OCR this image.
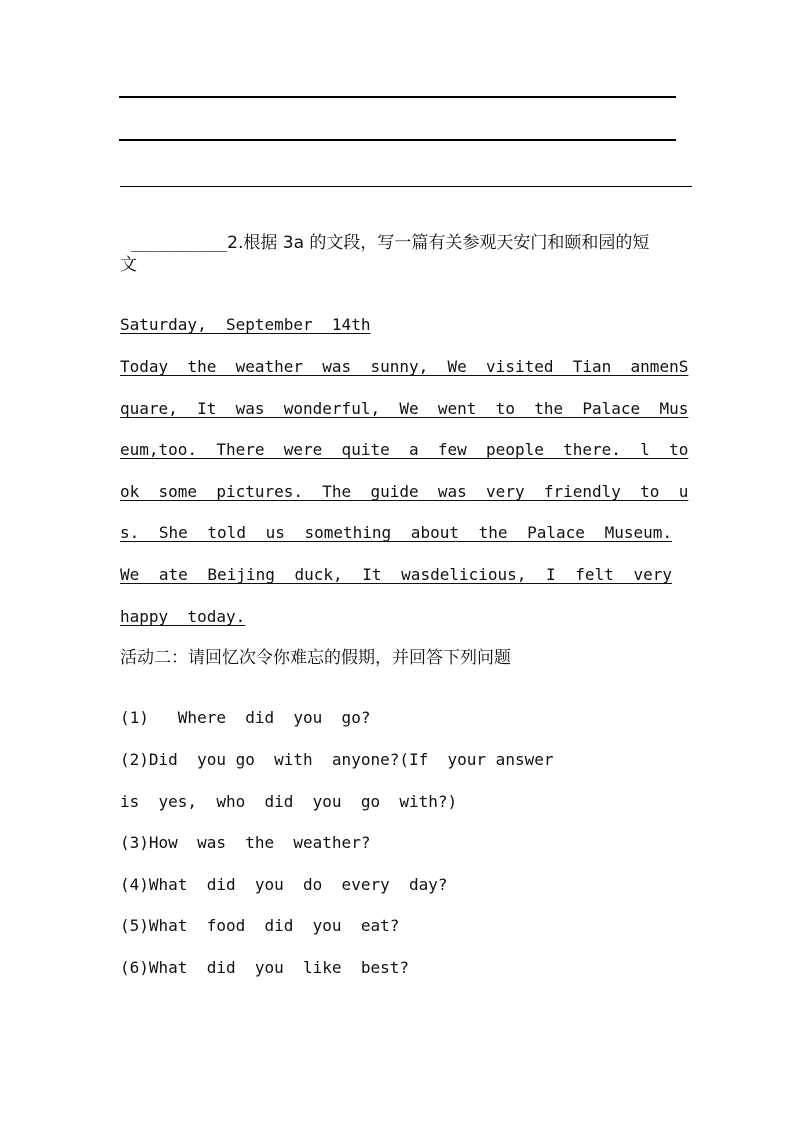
__________2.根据 3a 的文段，写一篇有关参观天安门和颐和园的短

文
Saturday,  September  14th
Today  the  weather  was  sunny,  We  visited  Tian  anmenS
quare,  It  was  wonderful,  We  went  to  the  Palace  Mus
eum,too.  There  were  quite  a  few  people  there.  l  to
ok  some  pictures.  The  guide  was  very  friendly  to  u
s.  She  told  us  something  about  the  Palace  Museum.
We  ate  Beijing  duck,  It  wasdelicious,  I  felt  very
happy  today.
活动二：请回忆次令你难忘的假期，并回答下列问题
(1)   Where  did  you  go?
(2)Did  you go  with  anyone?(If  your answer
is  yes,  who  did  you  go  with?)
(3)How  was  the  weather?
(4)What  did  you  do  every  day?
(5)What  food  did  you  eat?
(6)What  did  you  like  best?
